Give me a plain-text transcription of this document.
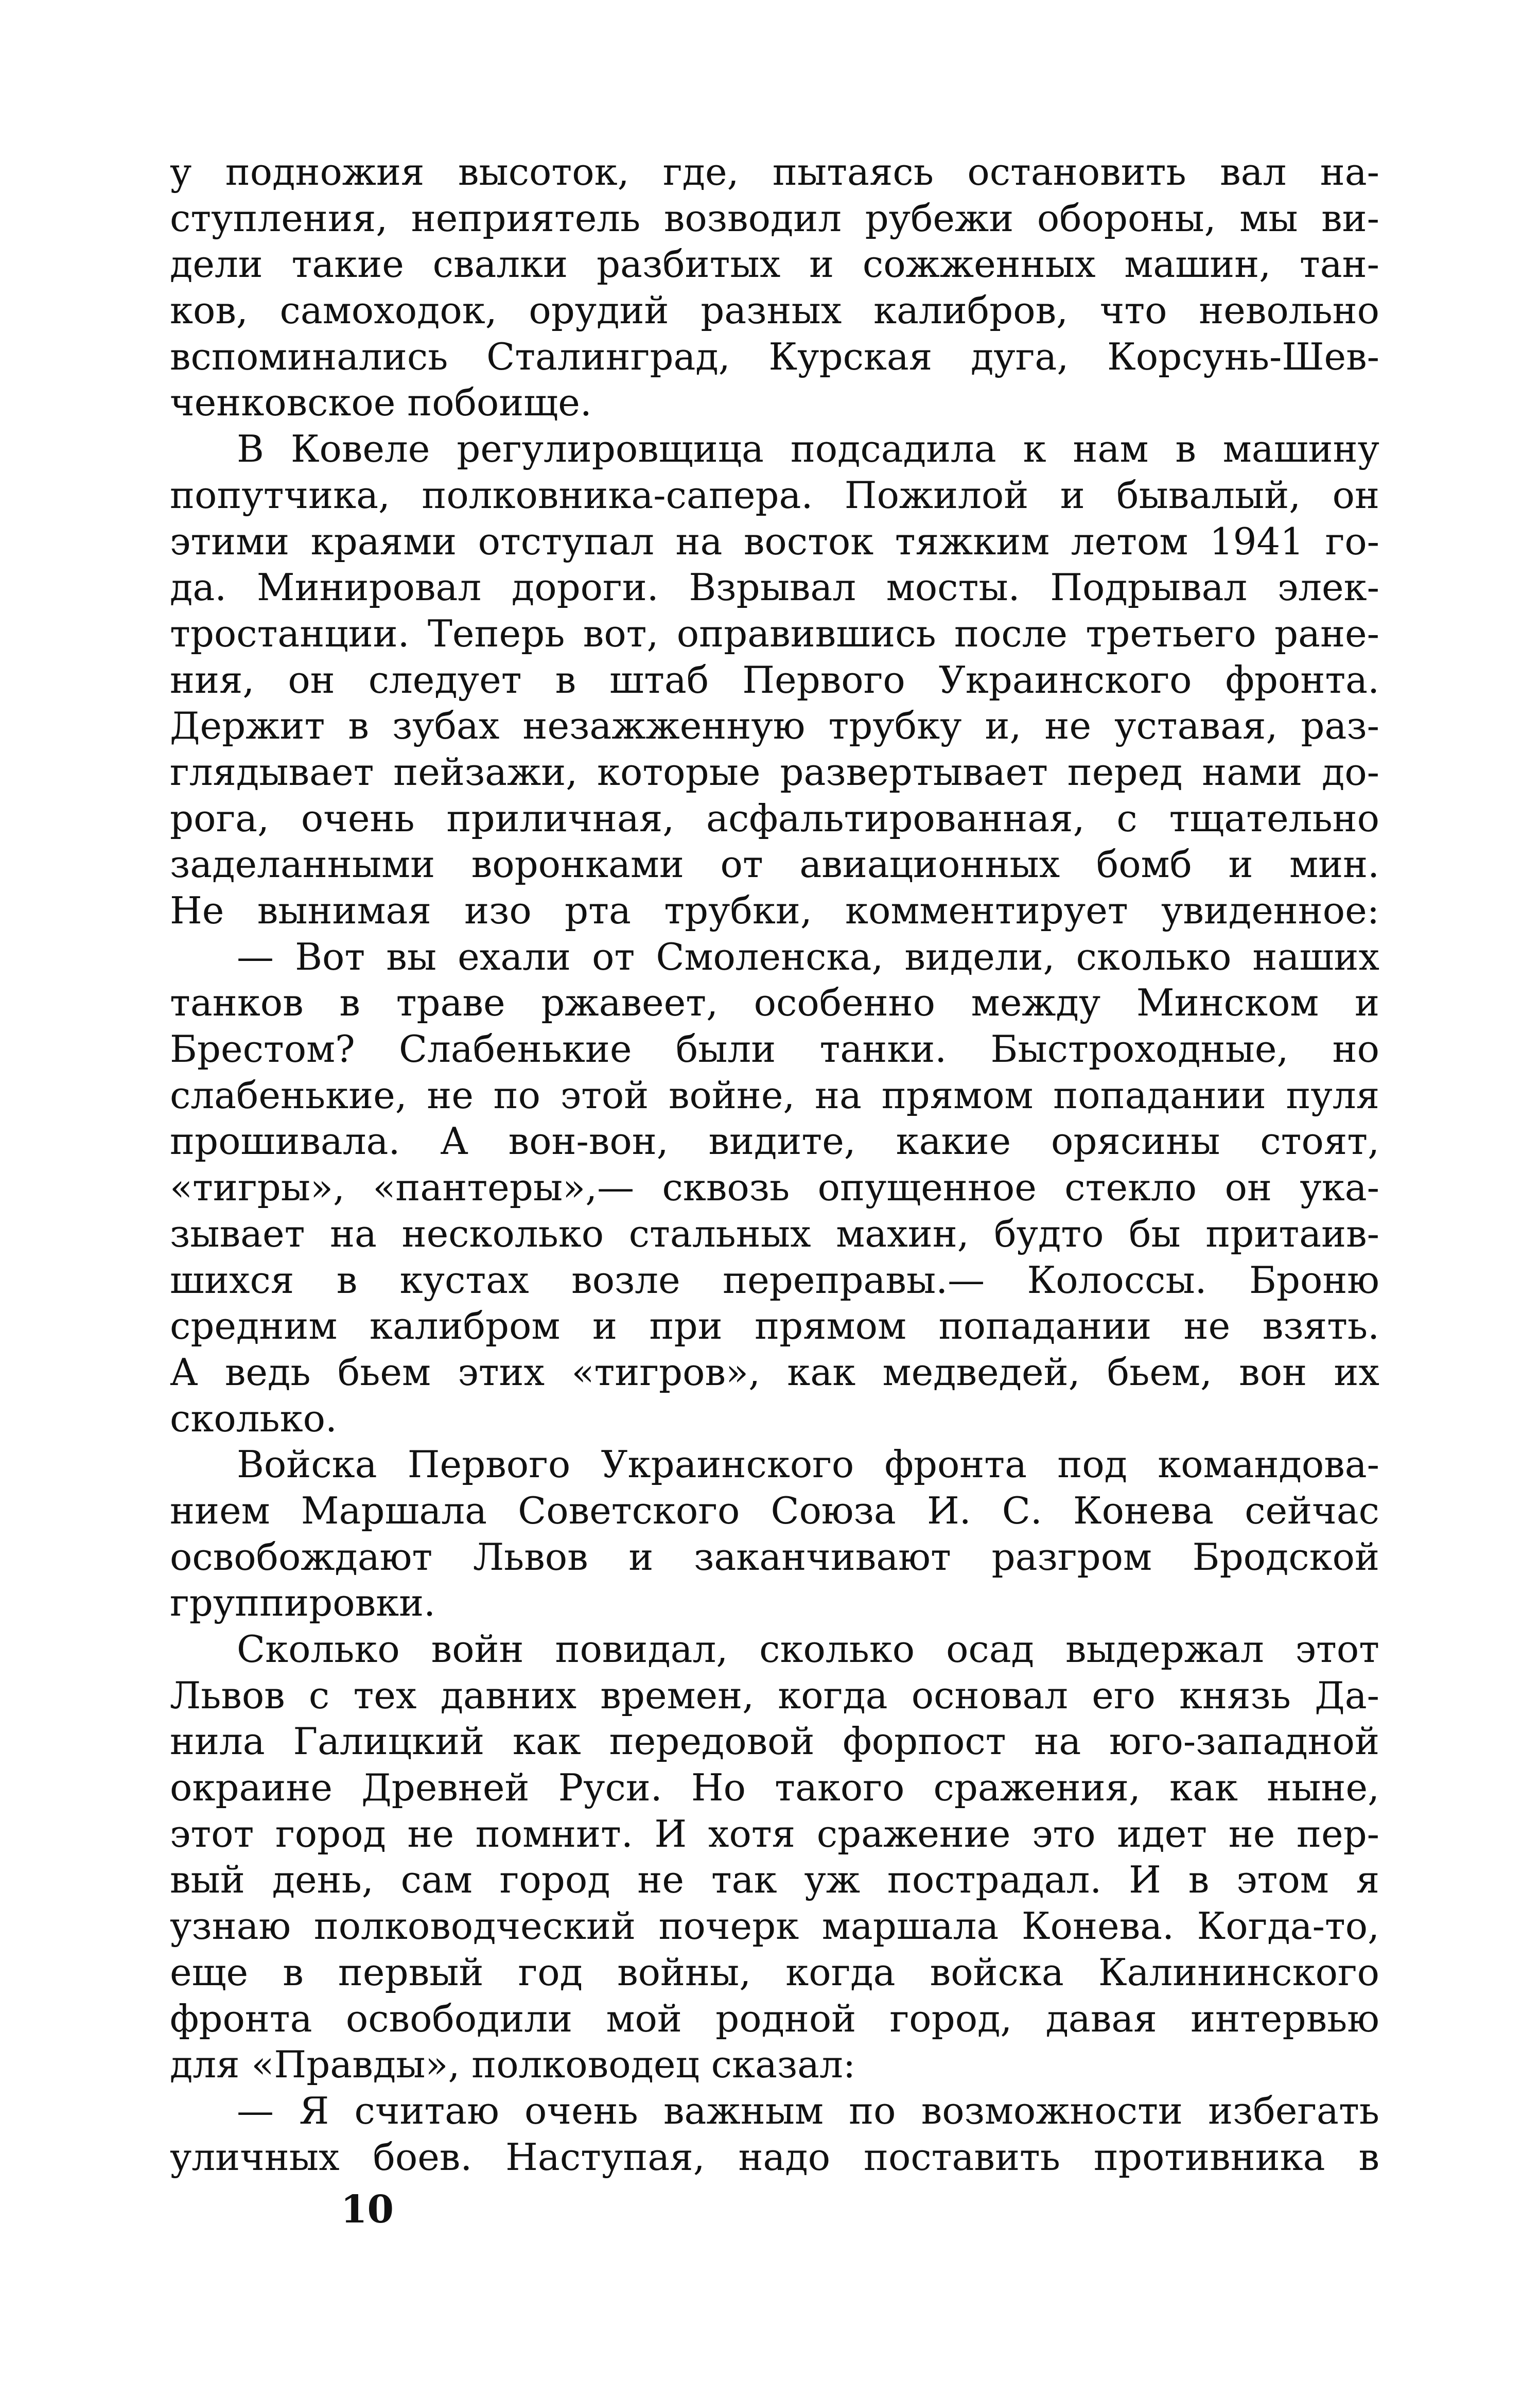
у подножия высоток, где, пытаясь остановить вал на-
ступления, неприятель возводил рубежи обороны, мы ви-
дели такие свалки разбитых и сожженных машин, тан-
ков, самоходок, орудий разных калибров, что невольно
вспоминались Сталинград, Курская дуга, Корсунь-Шев-
ченковское побоище.
В Ковеле регулировщица подсадила к нам в машину
попутчика, полковника-сапера. Пожилой и бывалый, он
этими краями отступал на восток тяжким летом 1941 го-
да. Минировал дороги. Взрывал мосты. Подрывал элек-
тростанции. Теперь вот, оправившись после третьего ране-
ния, он следует в штаб Первого Украинского фронта.
Держит в зубах незажженную трубку и, не уставая, раз-
глядывает пейзажи, которые развертывает перед нами до-
рога, очень приличная, асфальтированная, с тщательно
заделанными воронками от авиационных бомб и мин.
Не вынимая изо рта трубки, комментирует увиденное:
— Вот вы ехали от Смоленска, видели, сколько наших
танков в траве ржавеет, особенно между Минском и
Брестом? Слабенькие были танки. Быстроходные, но
слабенькие, не по этой войне, на прямом попадании пуля
прошивала. А вон-вон, видите, какие орясины стоят,
«тигры», «пантеры»,— сквозь опущенное стекло он ука-
зывает на несколько стальных махин, будто бы притаив-
шихся в кустах возле переправы.— Колоссы. Броню
средним калибром и при прямом попадании не взять.
А ведь бьем этих «тигров», как медведей, бьем, вон их
сколько.
Войска Первого Украинского фронта под командова-
нием Маршала Советского Союза И. С. Конева сейчас
освобождают Львов и заканчивают разгром Бродской
группировки.
Сколько войн повидал, сколько осад выдержал этот
Львов с тех давних времен, когда основал его князь Да-
нила Галицкий как передовой форпост на юго-западной
окраине Древней Руси. Но такого сражения, как ныне,
этот город не помнит. И хотя сражение это идет не пер-
вый день, сам город не так уж пострадал. И в этом я
узнаю полководческий почерк маршала Конева. Когда-то,
еще в первый год войны, когда войска Калининского
фронта освободили мой родной город, давая интервью
для «Правды», полководец сказал:
— Я считаю очень важным по возможности избегать
уличных боев. Наступая, надо поставить противника в
10
